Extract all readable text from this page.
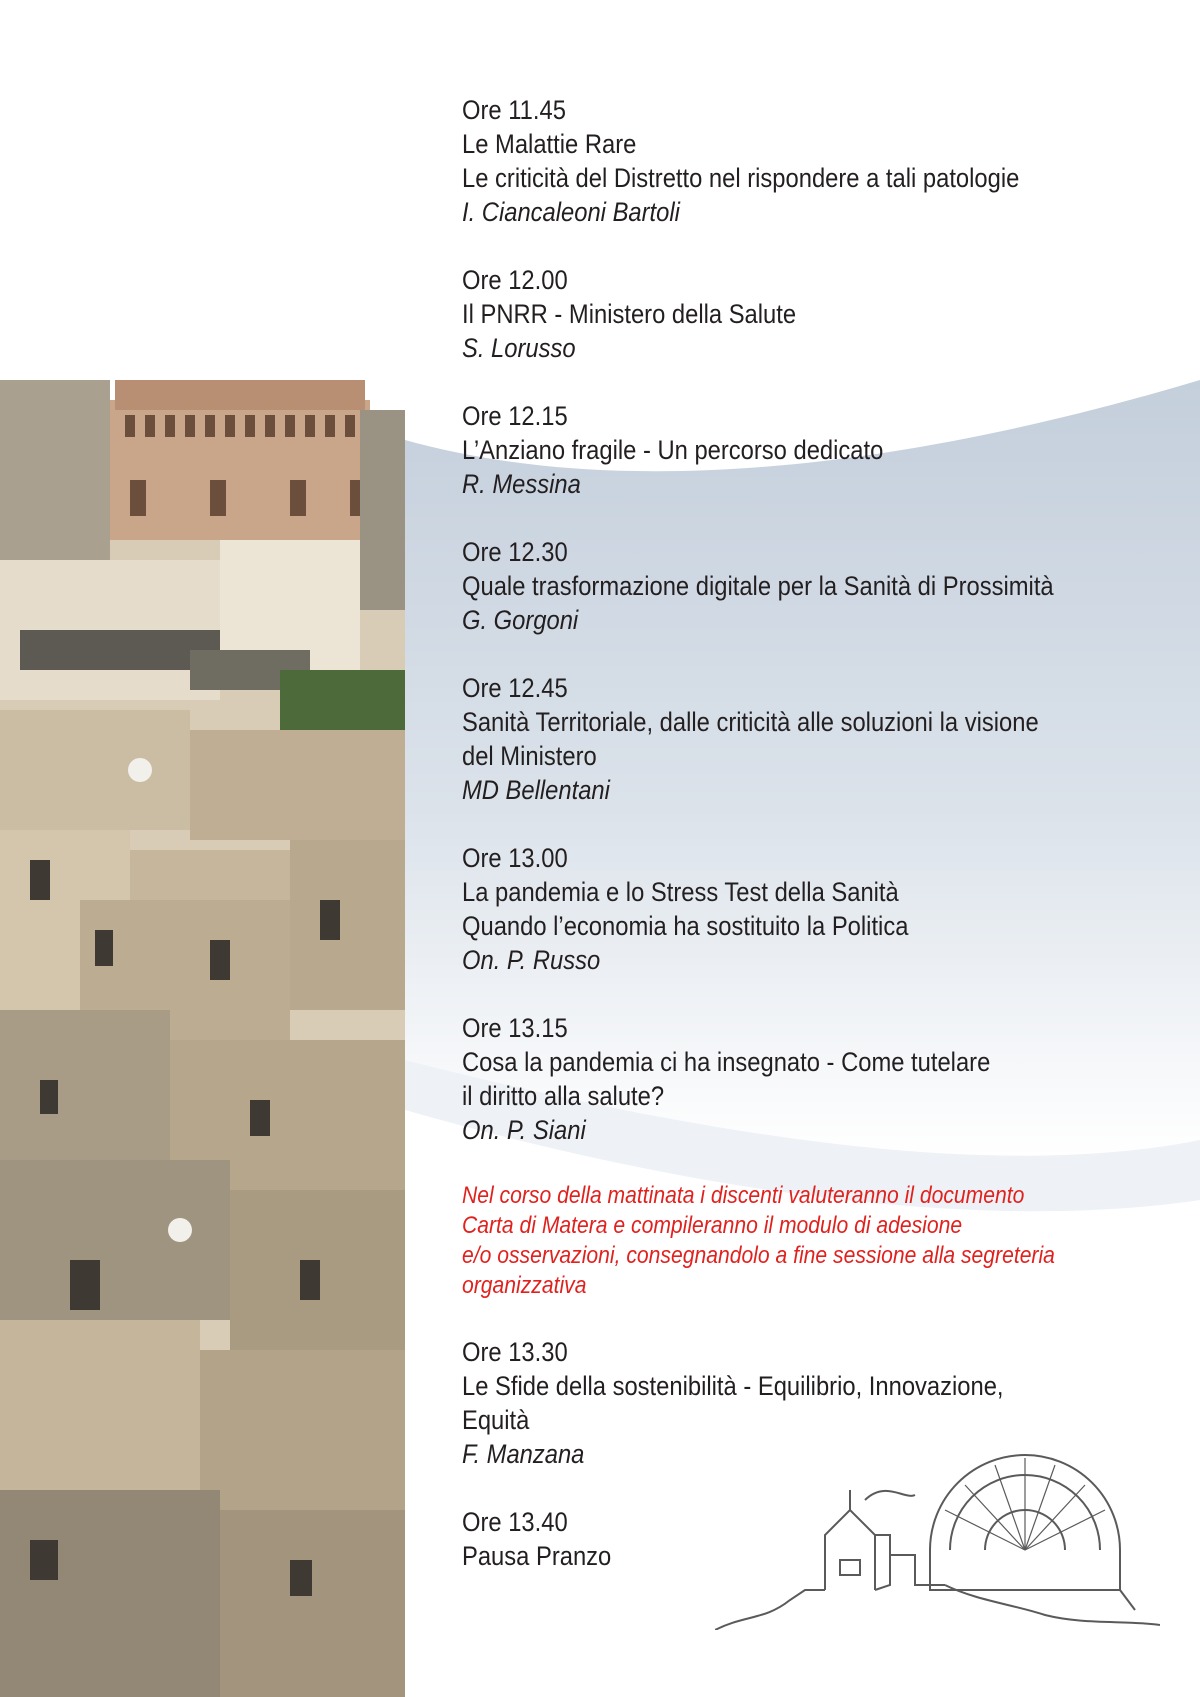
Ore 11.45
Le Malattie Rare
Le criticità del Distretto nel rispondere a tali patologie
I. Ciancaleoni Bartoli
Ore 12.00
Il PNRR - Ministero della Salute
S. Lorusso
Ore 12.15
L’Anziano fragile - Un percorso dedicato
R. Messina
Ore 12.30
Quale trasformazione digitale per la Sanità di Prossimità
G. Gorgoni
Ore 12.45
Sanità Territoriale, dalle criticità alle soluzioni la visione
del Ministero
MD Bellentani
Ore 13.00
La pandemia e lo Stress Test della Sanità
Quando l’economia ha sostituito la Politica
On. P. Russo
Ore 13.15
Cosa la pandemia ci ha insegnato - Come tutelare
il diritto alla salute?
On. P. Siani
Nel corso della mattinata i discenti valuteranno il documento
Carta di Matera e compileranno il modulo di adesione
e/o osservazioni, consegnandolo a fine sessione alla segreteria
organizzativa
Ore 13.30
Le Sfide della sostenibilità - Equilibrio, Innovazione,
Equità
F. Manzana
Ore 13.40
Pausa Pranzo
